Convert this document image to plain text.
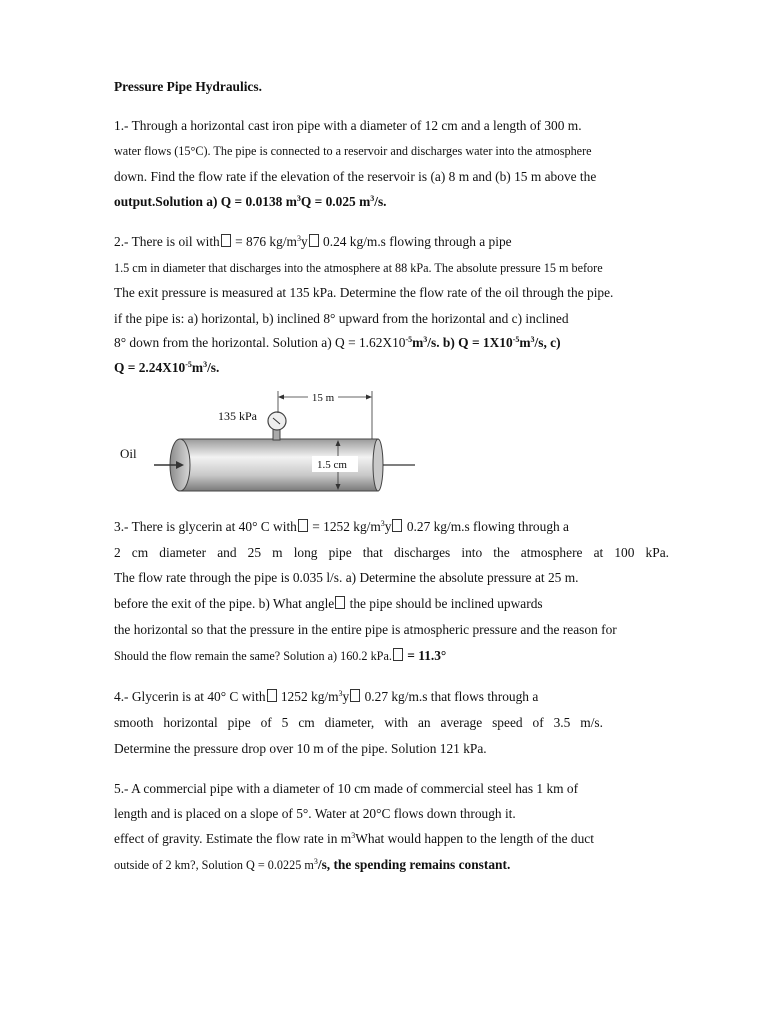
Pressure Pipe Hydraulics.
1.- Through a horizontal cast iron pipe with a diameter of 12 cm and a length of 300 m.
water flows (15°C). The pipe is connected to a reservoir and discharges water into the atmosphere
down. Find the flow rate if the elevation of the reservoir is (a) 8 m and (b) 15 m above the
output.Solution a) Q = 0.0138 $m^3Q = 0.025$ $m^3/s$.
2.- There is oil with = 876 $kg/m^3y$ 0.24 kg/m.s flowing through a pipe
1.5 cm in diameter that discharges into the atmosphere at 88 kPa. The absolute pressure 15 m before
The exit pressure is measured at 135 kPa. Determine the flow rate of the oil through the pipe.
if the pipe is: a) horizontal, b) inclined 8° upward from the horizontal and c) inclined
8° down from the horizontal. Solution a) $Q = 1.62X10^{-5}m^3/s$. b) $Q = 1X10^{-5}m^3/s$, c)
$Q = 2.24X10^{-5}m^3/s$.
15 m
1.5 cm
135 kPa
Oil
3.- There is glycerin at 40° C with = 1252 $kg/m^3y$ 0.27 kg/m.s flowing through a
2 cm diameter and 25 m long pipe that discharges into the atmosphere at 100 kPa.
The flow rate through the pipe is 0.035 l/s. a) Determine the absolute pressure at 25 m.
before the exit of the pipe. b) What angle the pipe should be inclined upwards
the horizontal so that the pressure in the entire pipe is atmospheric pressure and the reason for
Should the flow remain the same? Solution a) 160.2 kPa. = 11.3°
4.- Glycerin is at 40° C with 1252 $kg/m^3y$ 0.27 kg/m.s that flows through a
smooth horizontal pipe of 5 cm diameter, with an average speed of 3.5 m/s.
Determine the pressure drop over 10 m of the pipe. Solution 121 kPa.
5.- A commercial pipe with a diameter of 10 cm made of commercial steel has 1 km of
length and is placed on a slope of 5°. Water at 20°C flows down through it.
effect of gravity. Estimate the flow rate in $m^3What$ would happen to the length of the duct
outside of 2 km?, Solution Q = 0.0225 $m^3/s$, the spending remains constant.
